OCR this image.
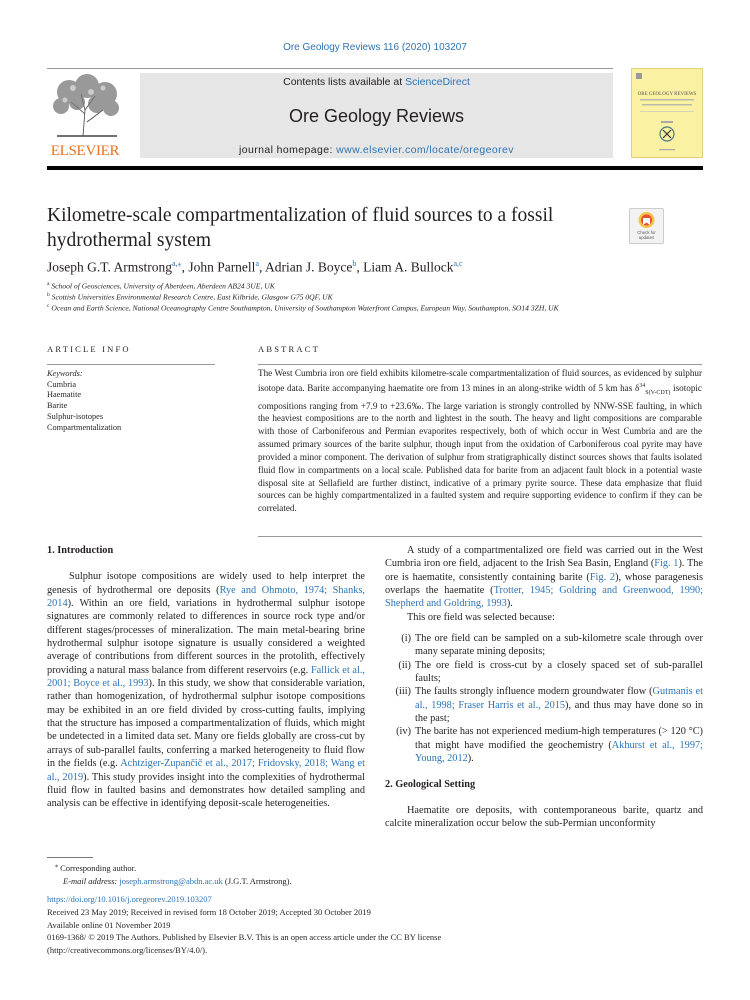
Ore Geology Reviews 116 (2020) 103207
ELSEVIER
Contents lists available at ScienceDirect
Ore Geology Reviews
journal homepage: www.elsevier.com/locate/oregeorev
ORE GEOLOGY REVIEWS
Kilometre-scale compartmentalization of fluid sources to a fossil hydrothermal system	Check for
updates
Joseph G.T. Armstrong$^{a,⁎}$, John Parnell$^a$, Adrian J. Boyce$^b$, Liam A. Bullock$^{a,c}$
$^a$ School of Geosciences, University of Aberdeen, Aberdeen AB24 3UE, UK
$^b$ Scottish Universities Environmental Research Centre, East Kilbride, Glasgow G75 0QF, UK
$^c$ Ocean and Earth Science, National Oceanography Centre Southampton, University of Southampton Waterfront Campus, European Way, Southampton, SO14 3ZH, UK
ARTICLE INFO	ABSTRACT
Keywords:
Cumbria
Haematite
Barite
Sulphur-isotopes
Compartmentalization
The West Cumbria iron ore field exhibits kilometre-scale compartmentalization of fluid sources, as evidenced by sulphur isotope data. Barite accompanying haematite ore from 13 mines in an along-strike width of 5 km has $\delta^{34}_{S(V-CDT)}$ isotopic compositions ranging from +7.9 to +23.6‰. The large variation is strongly controlled by NNW-SSE faulting, in which the heaviest compositions are to the north and lightest in the south. The heavy and light compositions are comparable with those of Carboniferous and Permian evaporites respectively, both of which occur in West Cumbria and are the assumed primary sources of the barite sulphur, though input from the oxidation of Carboniferous coal pyrite may have provided a minor component. The derivation of sulphur from stratigraphically distinct sources shows that faults isolated fluid flow in compartments on a local scale. Published data for barite from an adjacent fault block in a potential waste disposal site at Sellafield are further distinct, indicative of a primary pyrite source. These data emphasize that fluid sources can be highly compartmentalized in a faulted system and require supporting evidence to confirm if they can be correlated.
1. Introduction

Sulphur isotope compositions are widely used to help interpret the genesis of hydrothermal ore deposits (Rye and Ohmoto, 1974; Shanks, 2014). Within an ore field, variations in hydrothermal sulphur isotope signatures are commonly related to differences in source rock type and/or different stages/processes of mineralization. The main metal-bearing brine hydrothermal sulphur isotope signature is usually considered a weighted average of contributions from different sources in the protolith, effectively providing a natural mass balance from different reservoirs (e.g. Fallick et al., 2001; Boyce et al., 1993). In this study, we show that considerable variation, rather than homogenization, of hydrothermal sulphur isotope compositions may be exhibited in an ore field divided by cross-cutting faults, implying that the structure has imposed a compartmentalization of fluids, which might be undetected in a limited data set. Many ore fields globally are cross-cut by arrays of sub-parallel faults, conferring a marked heterogeneity to fluid flow in the fields (e.g. Achtziger-Zupančič et al., 2017; Fridovsky, 2018; Wang et al., 2019). This study provides insight into the complexities of hydrothermal fluid flow in faulted basins and demonstrates how detailed sampling and analysis can be effective in identifying deposit-scale heterogeneities.

A study of a compartmentalized ore field was carried out in the West Cumbria iron ore field, adjacent to the Irish Sea Basin, England (Fig. 1). The ore is haematite, consistently containing barite (Fig. 2), whose paragenesis overlaps the haematite (Trotter, 1945; Goldring and Greenwood, 1990; Shepherd and Goldring, 1993).

This ore field was selected because:

(i) The ore field can be sampled on a sub-kilometre scale through over many separate mining deposits;
(ii) The ore field is cross-cut by a closely spaced set of sub-parallel faults;
(iii) The faults strongly influence modern groundwater flow (Gutmanis et al., 1998; Fraser Harris et al., 2015), and thus may have done so in the past;
(iv) The barite has not experienced medium-high temperatures (> 120 °C) that might have modified the geochemistry (Akhurst et al., 1997; Young, 2012).
2. Geological Setting

Haematite ore deposits, with contemporaneous barite, quartz and calcite mineralization occur below the sub-Permian unconformity

⁎ Corresponding author.
E-mail address: joseph.armstrong@abdn.ac.uk (J.G.T. Armstrong).
https://doi.org/10.1016/j.oregeorev.2019.103207
Received 23 May 2019; Received in revised form 18 October 2019; Accepted 30 October 2019
Available online 01 November 2019
0169-1368/ © 2019 The Authors. Published by Elsevier B.V. This is an open access article under the CC BY license
(http://creativecommons.org/licenses/BY/4.0/).
